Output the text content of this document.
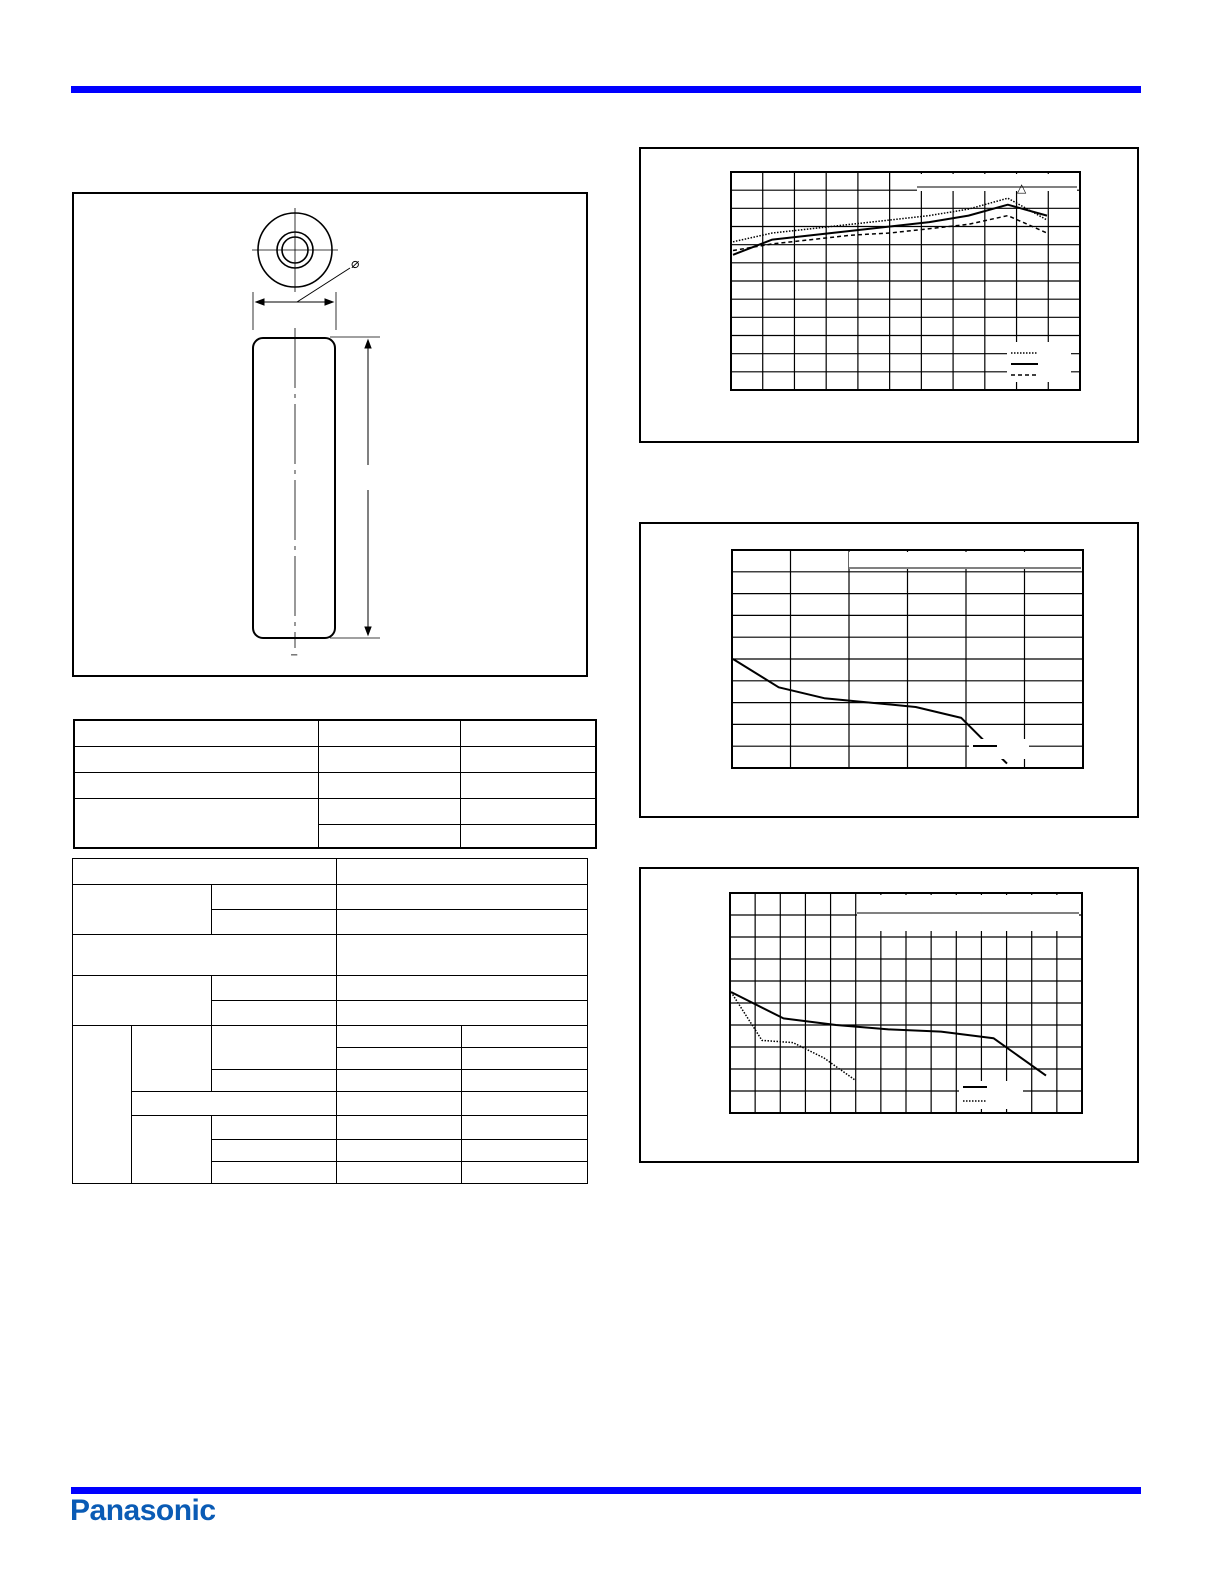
⌀
−

△
Panasonic
